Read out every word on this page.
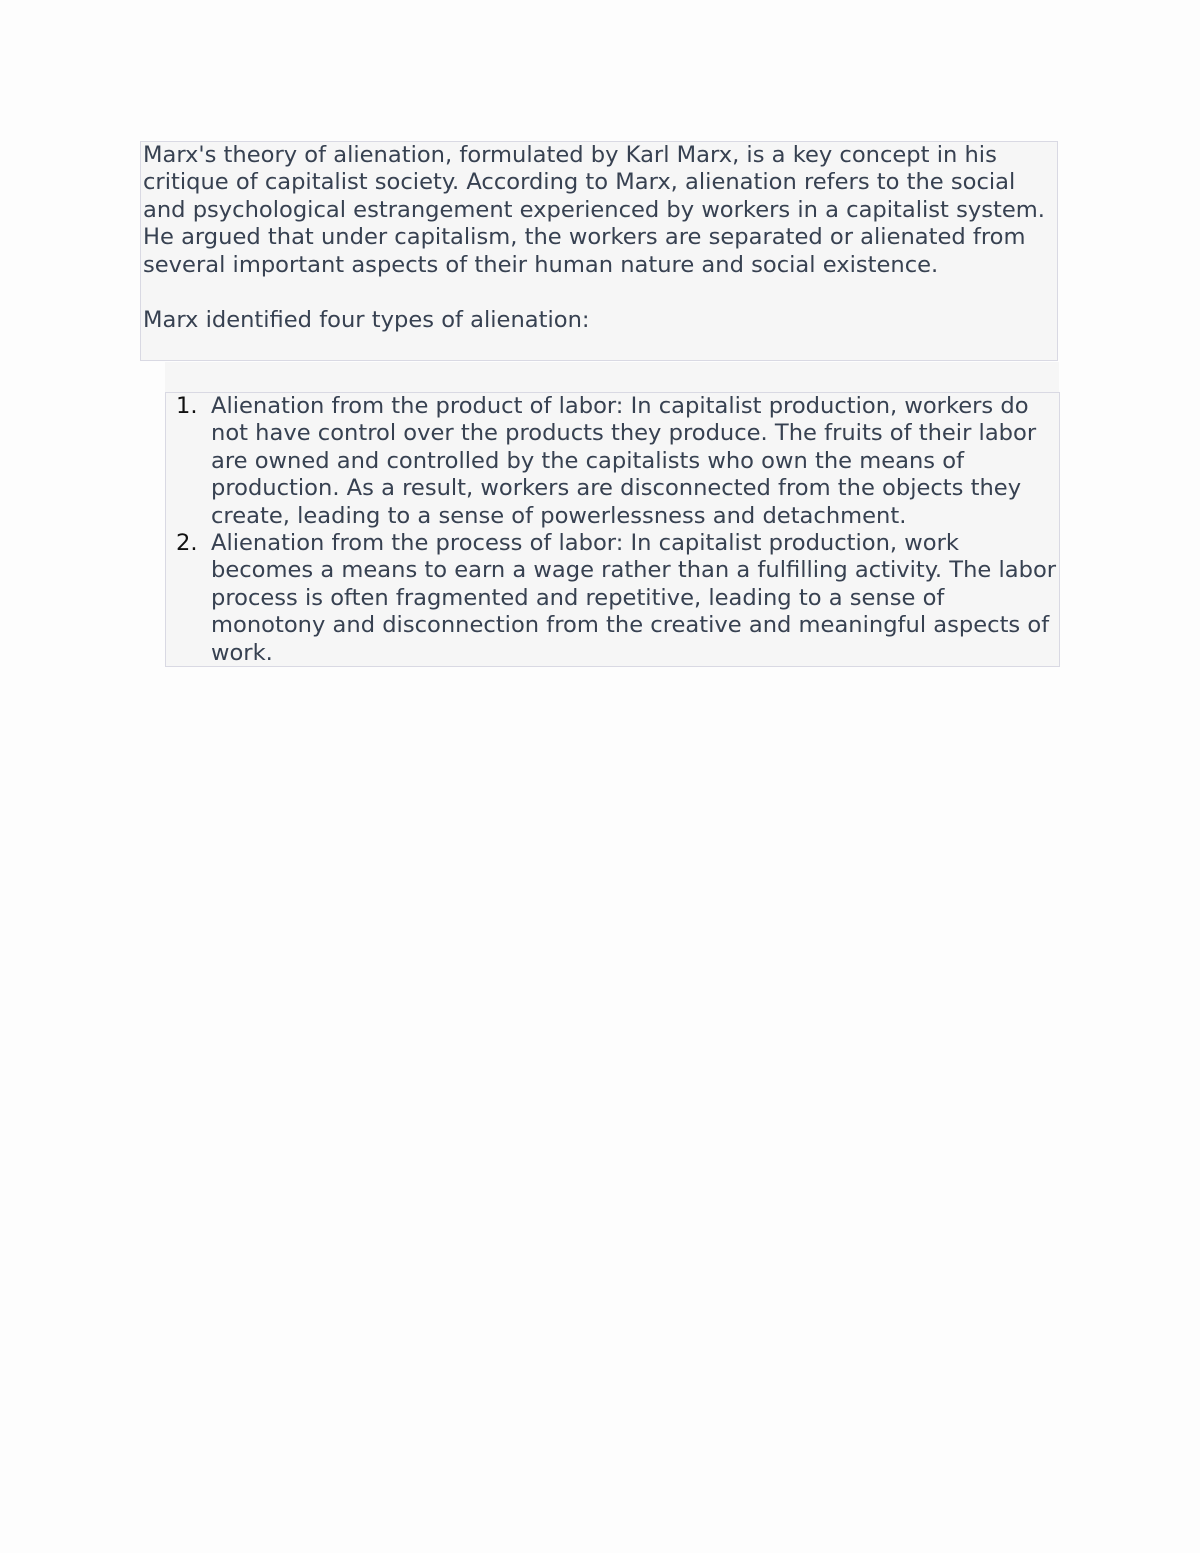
Marx's theory of alienation, formulated by Karl Marx, is a key concept in his critique of capitalist society. According to Marx, alienation refers to the social and psychological estrangement experienced by workers in a capitalist system. He argued that under capitalism, the workers are separated or alienated from several important aspects of their human nature and social existence.

Marx identified four types of alienation:

1. Alienation from the product of labor: In capitalist production, workers do not have control over the products they produce. The fruits of their labor are owned and controlled by the capitalists who own the means of production. As a result, workers are disconnected from the objects they create, leading to a sense of powerlessness and detachment.
2. Alienation from the process of labor: In capitalist production, work becomes a means to earn a wage rather than a fulfilling activity. The labor process is often fragmented and repetitive, leading to a sense of monotony and disconnection from the creative and meaningful aspects of work.
